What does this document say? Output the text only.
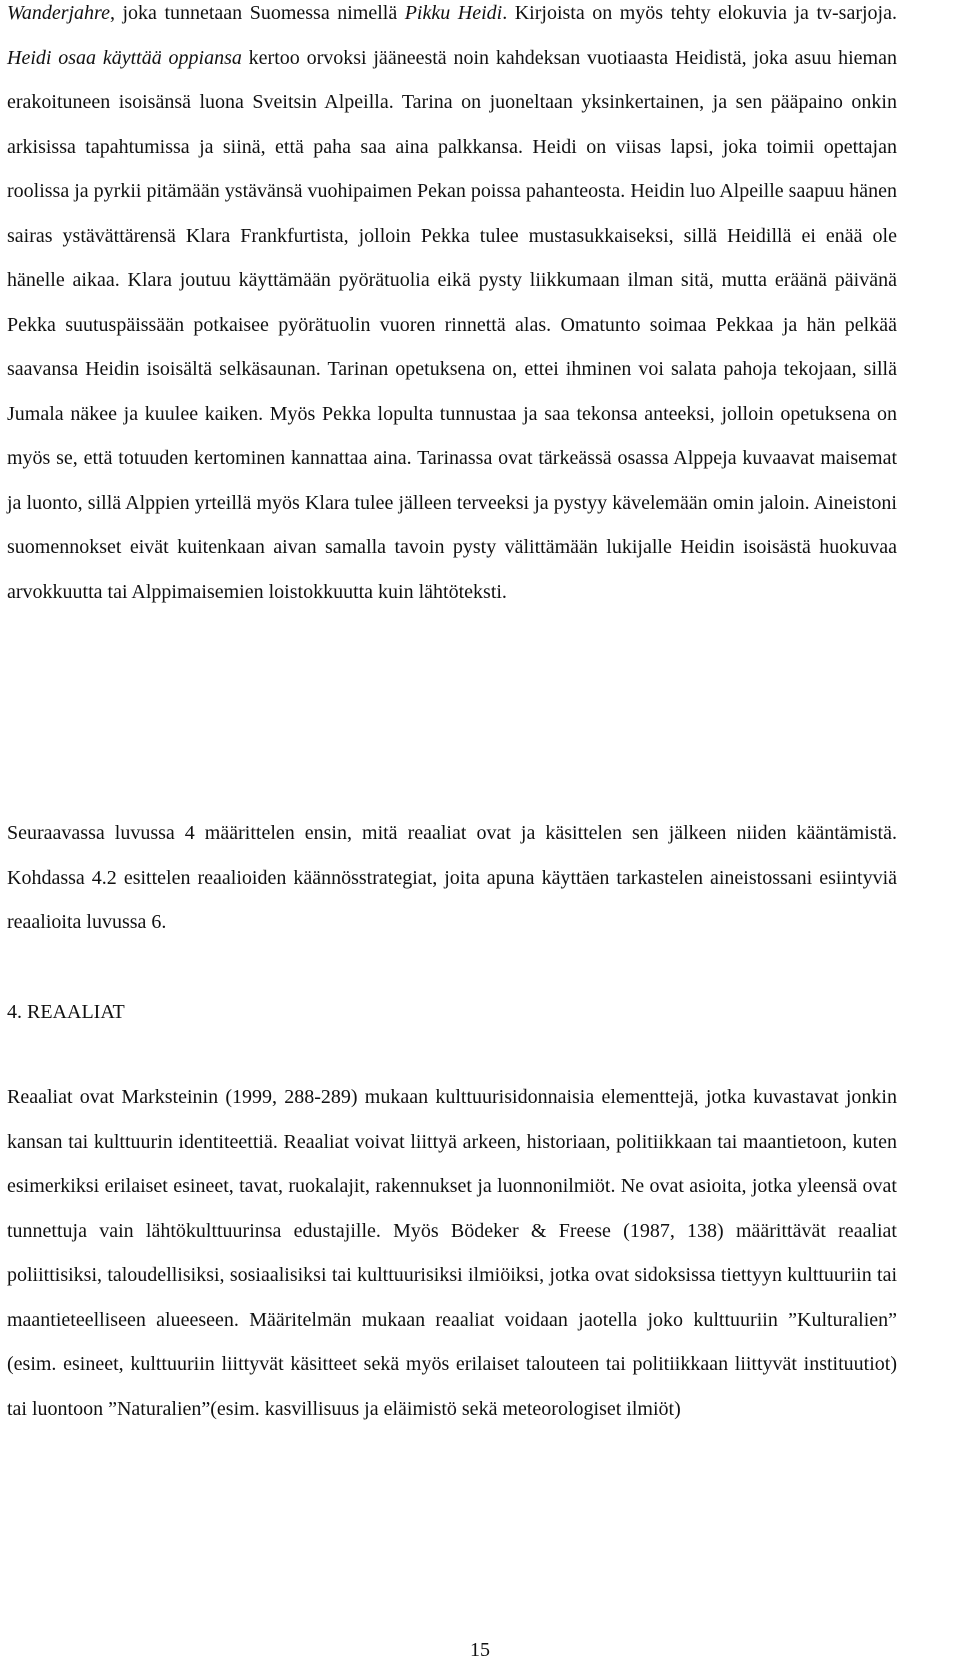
Wanderjahre, joka tunnetaan Suomessa nimellä Pikku Heidi. Kirjoista on myös tehty elokuvia ja tv-sarjoja. Heidi osaa käyttää oppiansa kertoo orvoksi jääneestä noin kahdeksan vuotiaasta Heidistä, joka asuu hieman erakoituneen isoisänsä luona Sveitsin Alpeilla. Tarina on juoneltaan yksinkertainen, ja sen pääpaino onkin arkisissa tapahtumissa ja siinä, että paha saa aina palkkansa. Heidi on viisas lapsi, joka toimii opettajan roolissa ja pyrkii pitämään ystävänsä vuohipaimen Pekan poissa pahanteosta. Heidin luo Alpeille saapuu hänen sairas ystävättärensä Klara Frankfurtista, jolloin Pekka tulee mustasukkaiseksi, sillä Heidillä ei enää ole hänelle aikaa. Klara joutuu käyttämään pyörätuolia eikä pysty liikkumaan ilman sitä, mutta eräänä päivänä Pekka suutuspäissään potkaisee pyörätuolin vuoren rinnettä alas. Omatunto soimaa Pekkaa ja hän pelkää saavansa Heidin isoisältä selkäsaunan. Tarinan opetuksena on, ettei ihminen voi salata pahoja tekojaan, sillä Jumala näkee ja kuulee kaiken. Myös Pekka lopulta tunnustaa ja saa tekonsa anteeksi, jolloin opetuksena on myös se, että totuuden kertominen kannattaa aina. Tarinassa ovat tärkeässä osassa Alppeja kuvaavat maisemat ja luonto, sillä Alppien yrteillä myös Klara tulee jälleen terveeksi ja pystyy kävelemään omin jaloin. Aineistoni suomennokset eivät kuitenkaan aivan samalla tavoin pysty välittämään lukijalle Heidin isoisästä huokuvaa arvokkuutta tai Alppimaisemien loistokkuutta kuin lähtöteksti.

Seuraavassa luvussa 4 määrittelen ensin, mitä reaaliat ovat ja käsittelen sen jälkeen niiden kääntämistä. Kohdassa 4.2 esittelen reaalioiden käännösstrategiat, joita apuna käyttäen tarkastelen aineistossani esiintyviä reaalioita luvussa 6.

4. REAALIAT

Reaaliat ovat Marksteinin (1999, 288-289) mukaan kulttuurisidonnaisia elementtejä, jotka kuvastavat jonkin kansan tai kulttuurin identiteettiä. Reaaliat voivat liittyä arkeen, historiaan, politiikkaan tai maantietoon, kuten esimerkiksi erilaiset esineet, tavat, ruokalajit, rakennukset ja luonnonilmiöt. Ne ovat asioita, jotka yleensä ovat tunnettuja vain lähtökulttuurinsa edustajille. Myös Bödeker & Freese (1987, 138) määrittävät reaaliat poliittisiksi, taloudellisiksi, sosiaalisiksi tai kulttuurisiksi ilmiöiksi, jotka ovat sidoksissa tiettyyn kulttuuriin tai maantieteelliseen alueeseen. Määritelmän mukaan reaaliat voidaan jaotella joko kulttuuriin ”Kulturalien” (esim. esineet, kulttuuriin liittyvät käsitteet sekä myös erilaiset talouteen tai politiikkaan liittyvät instituutiot) tai luontoon ”Naturalien”(esim. kasvillisuus ja eläimistö sekä meteorologiset ilmiöt)

15
